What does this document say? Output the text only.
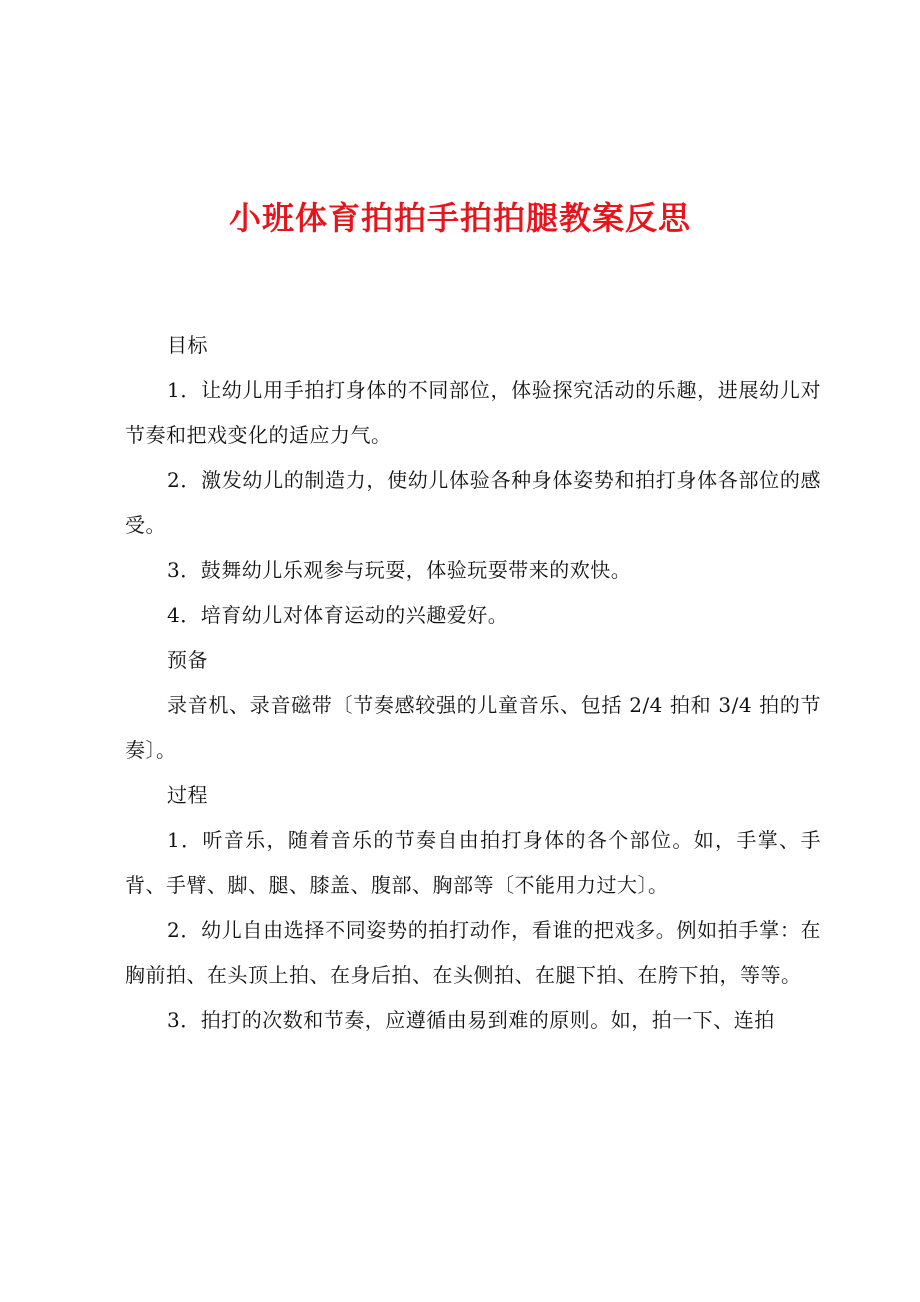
小班体育拍拍手拍拍腿教案反思

目标

1．让幼儿用手拍打身体的不同部位，体验探究活动的乐趣，进展幼儿对节奏和把戏变化的适应力气。

2．激发幼儿的制造力，使幼儿体验各种身体姿势和拍打身体各部位的感受。

3．鼓舞幼儿乐观参与玩耍，体验玩耍带来的欢快。

4．培育幼儿对体育运动的兴趣爱好。

预备

录音机、录音磁带〔节奏感较强的儿童音乐、包括 2/4 拍和 3/4 拍的节奏〕。

过程

1．听音乐，随着音乐的节奏自由拍打身体的各个部位。如，手掌、手背、手臂、脚、腿、膝盖、腹部、胸部等〔不能用力过大〕。

2．幼儿自由选择不同姿势的拍打动作，看谁的把戏多。例如拍手掌：在胸前拍、在头顶上拍、在身后拍、在头侧拍、在腿下拍、在胯下拍，等等。

3．拍打的次数和节奏，应遵循由易到难的原则。如，拍一下、连拍
